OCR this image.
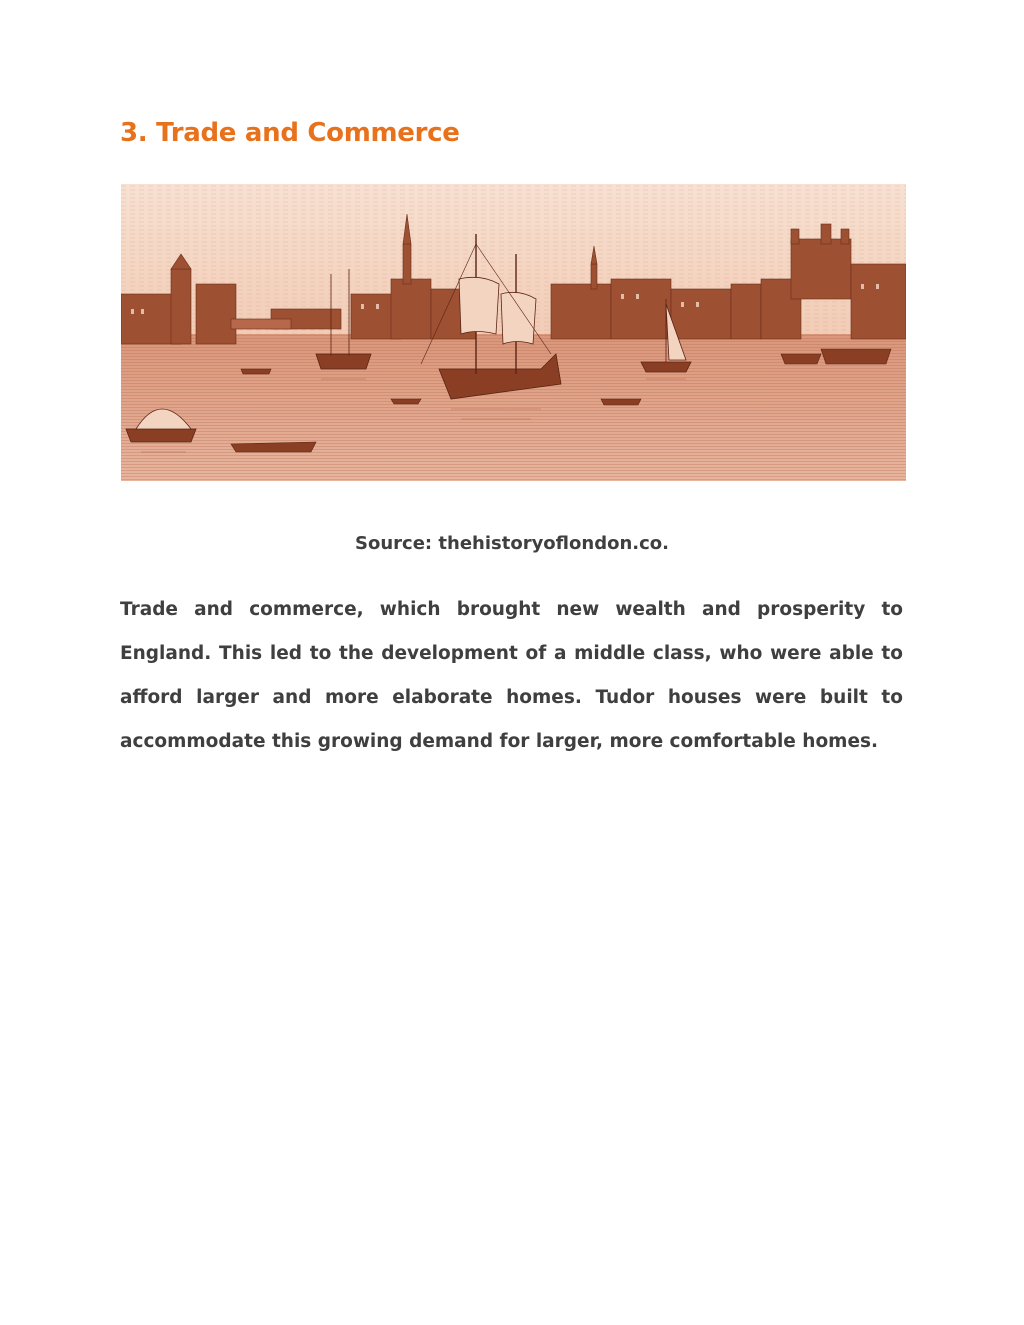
3. Trade and Commerce
Source: thehistoryoflondon.co.

Trade and commerce, which brought new wealth and prosperity to England. This led to the development of a middle class, who were able to afford larger and more elaborate homes. Tudor houses were built to accommodate this growing demand for larger, more comfortable homes.
